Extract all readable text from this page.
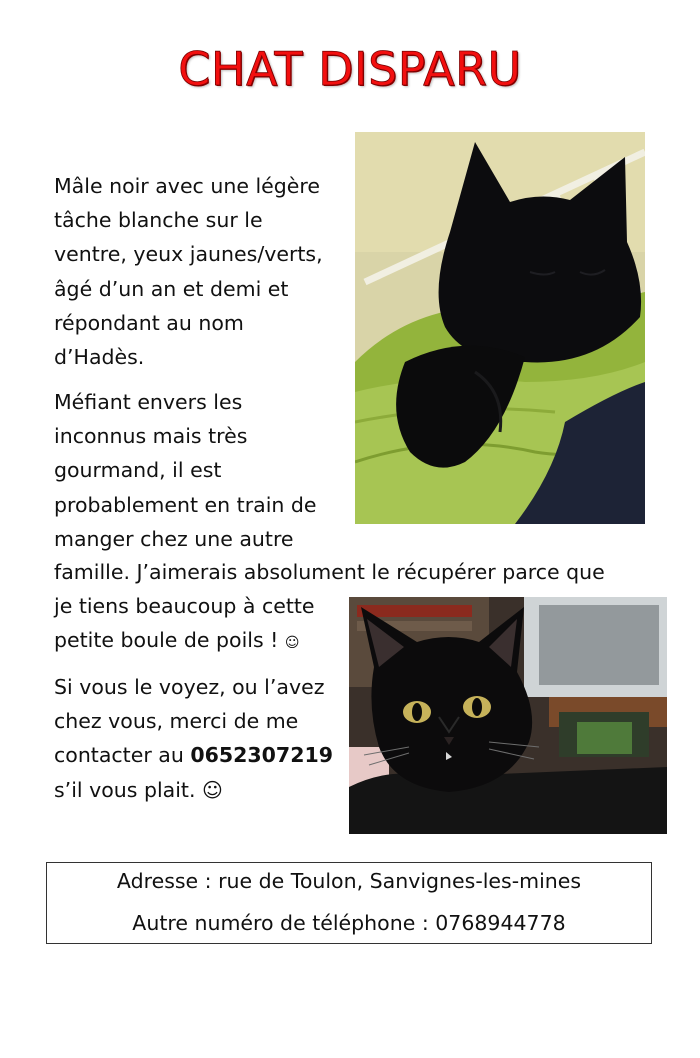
CHAT DISPARU

Mâle noir avec une légère
tâche blanche sur le
ventre, yeux jaunes/verts,
âgé d’un an et demi et
répondant au nom
d’Hadès.

Méfiant envers les
inconnus mais très
gourmand, il est
probablement en train de
manger chez une autre

famille. J’aimerais absolument le récupérer parce que

je tiens beaucoup à cette
petite boule de poils ! ☺

Si vous le voyez, ou l’avez
chez vous, merci de me
contacter au 0652307219
s’il vous plait. ☺

Adresse : rue de Toulon, Sanvignes-les-mines
Autre numéro de téléphone : 0768944778
